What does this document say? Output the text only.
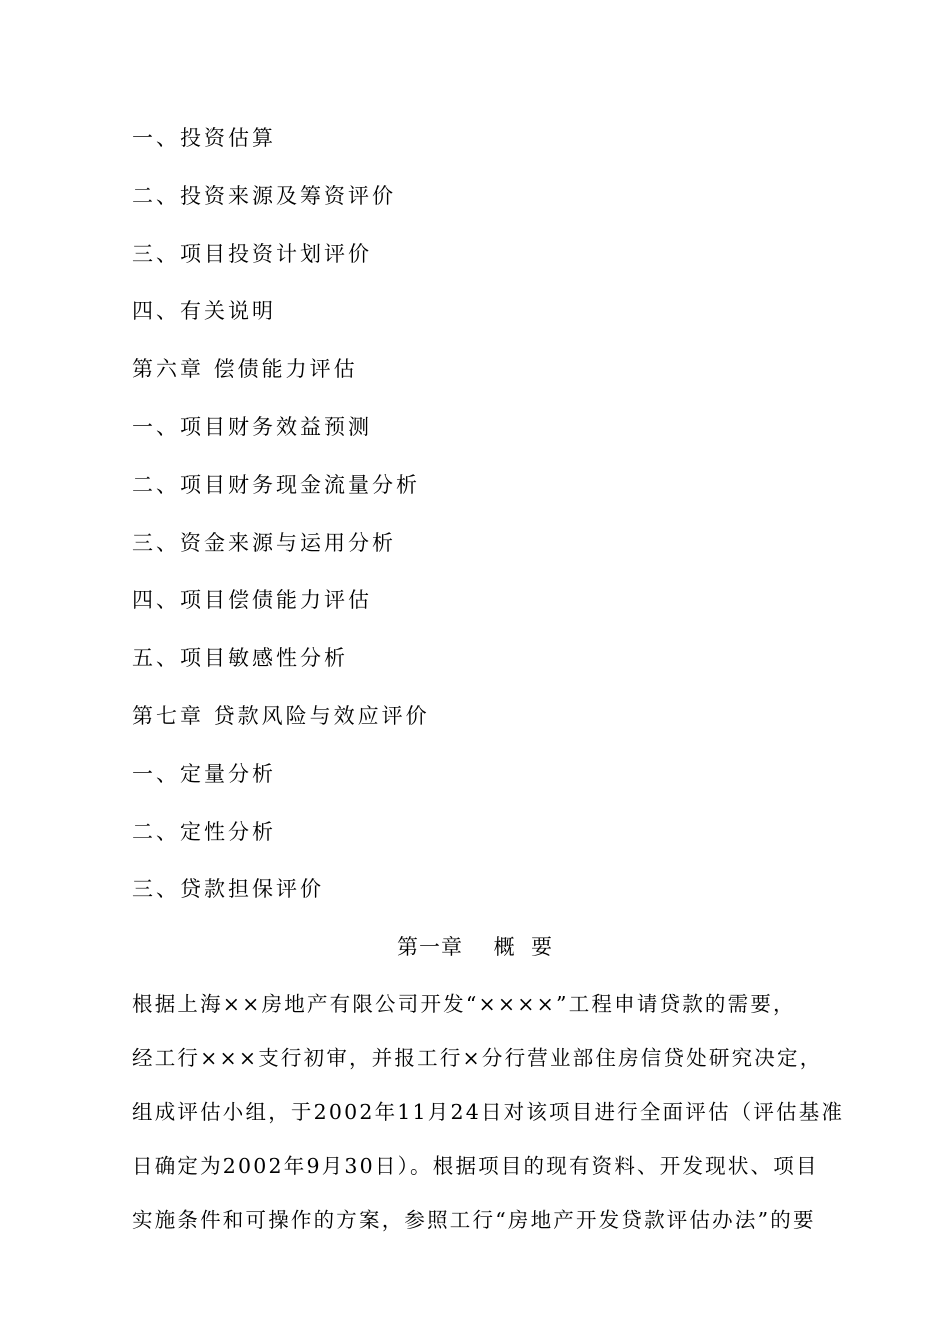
一、投资估算
二、投资来源及筹资评价
三、项目投资计划评价
四、有关说明
第六章 偿债能力评估
一、项目财务效益预测
二、项目财务现金流量分析
三、资金来源与运用分析
四、项目偿债能力评估
五、项目敏感性分析
第七章 贷款风险与效应评价
一、定量分析
二、定性分析
三、贷款担保评价
第一章    概  要
根据上海××房地产有限公司开发“××××”工程申请贷款的需要，
经工行×××支行初审，并报工行×分行营业部住房信贷处研究决定，
组成评估小组，于2002年11月24日对该项目进行全面评估（评估基准
日确定为2002年9月30日）。根据项目的现有资料、开发现状、项目
实施条件和可操作的方案，参照工行“房地产开发贷款评估办法”的要
